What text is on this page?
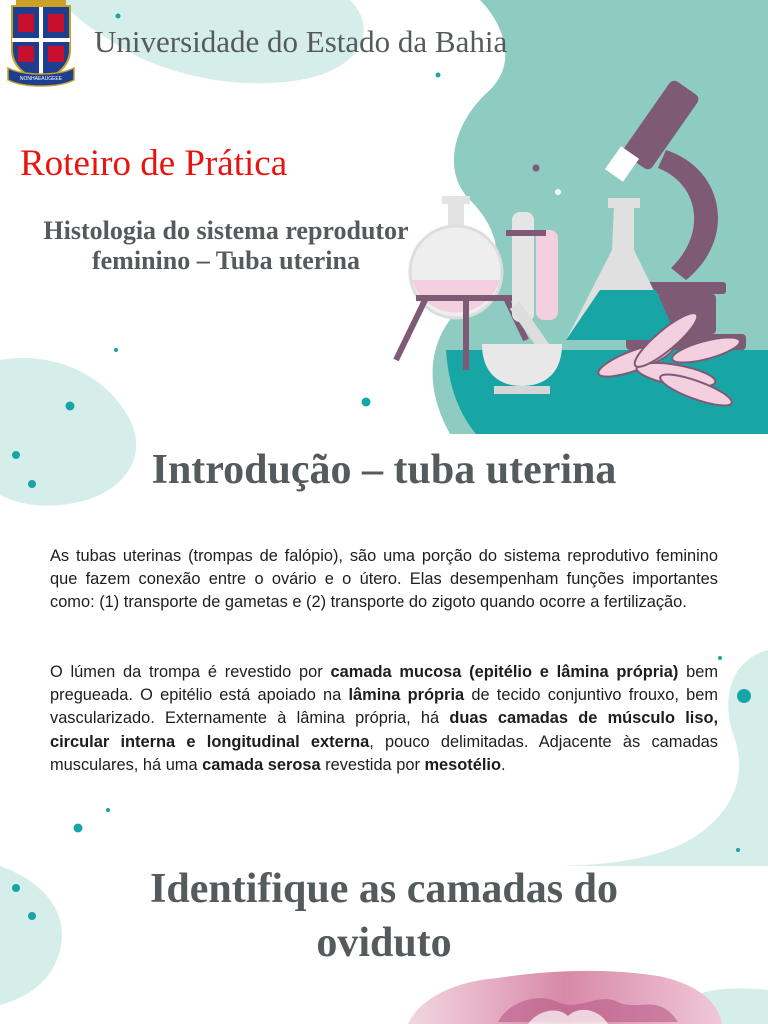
NONHAEAUGEEE
Universidade do Estado da Bahia
Roteiro de Prática
Histologia do sistema reprodutor feminino – Tuba uterina
Introdução – tuba uterina
As tubas uterinas (trompas de falópio), são uma porção do sistema reprodutivo feminino que fazem conexão entre o ovário e o útero. Elas desempenham funções importantes como: (1) transporte de gametas e (2) transporte do zigoto quando ocorre a fertilização.
O lúmen da trompa é revestido por camada mucosa (epitélio e lâmina própria) bem pregueada. O epitélio está apoiado na lâmina própria de tecido conjuntivo frouxo, bem vascularizado. Externamente à lâmina própria, há duas camadas de músculo liso, circular interna e longitudinal externa, pouco delimitadas. Adjacente às camadas musculares, há uma camada serosa revestida por mesotélio.
Identifique as camadas do oviduto
